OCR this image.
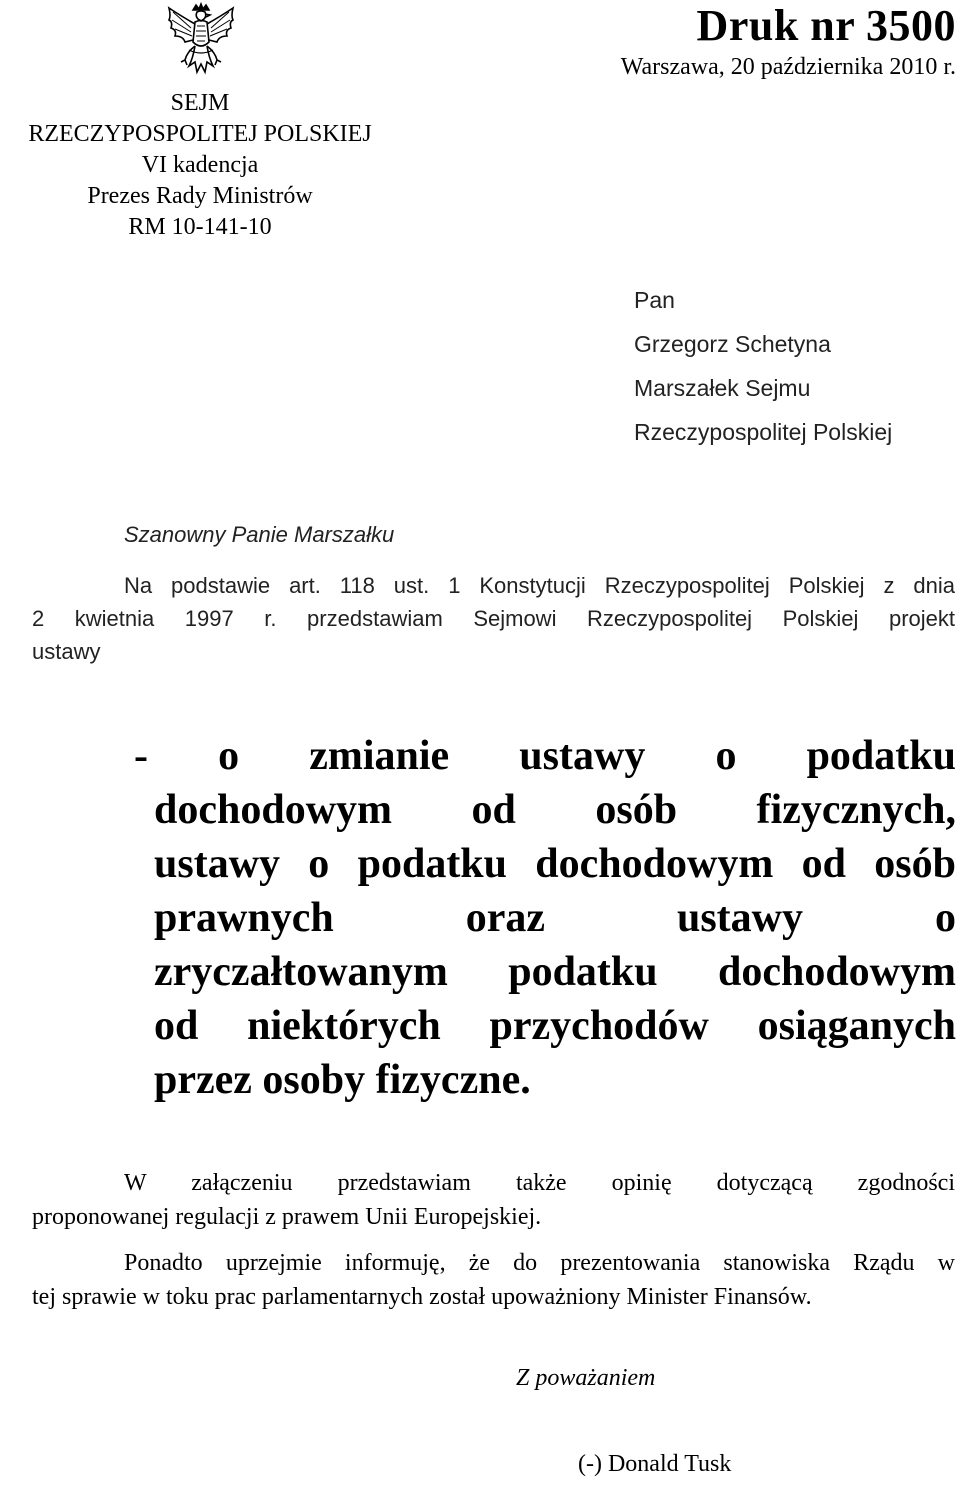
SEJM
RZECZYPOSPOLITEJ POLSKIEJ
VI kadencja
Prezes Rady Ministrów
RM 10-141-10
Druk nr 3500
Warszawa, 20 października 2010 r.
Pan
Grzegorz Schetyna
Marszałek Sejmu
Rzeczypospolitej Polskiej
Szanowny Panie Marszałku
Na podstawie art. 118 ust. 1 Konstytucji Rzeczypospolitej Polskiej z dnia
2 kwietnia 1997 r. przedstawiam Sejmowi Rzeczypospolitej Polskiej projekt
ustawy
- o zmianie ustawy o podatku
dochodowym od osób fizycznych,
ustawy o podatku dochodowym od osób
prawnych oraz ustawy o
zryczałtowanym podatku dochodowym
od niektórych przychodów osiąganych
przez osoby fizyczne.
W załączeniu przedstawiam także opinię dotyczącą zgodności
proponowanej regulacji z prawem Unii Europejskiej.
Ponadto uprzejmie informuję, że do prezentowania stanowiska Rządu w
tej sprawie w toku prac parlamentarnych został upoważniony Minister Finansów.
Z poważaniem
(-) Donald Tusk
